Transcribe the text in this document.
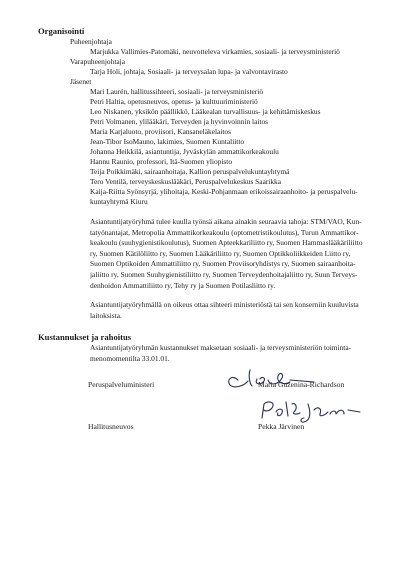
Organisointi
Puheenjohtaja
Marjukka Vallimies-Patomäki, neuvotteleva virkamies, sosiaali- ja terveysministeriö
Varapuheenjohtaja
Tarja Holi, johtaja, Sosiaali- ja terveysalan lupa- ja valvontavirasto
Jäsenet
Mari Laurén, hallitussihteeri, sosiaali- ja terveysministeriö
Petri Haltia, opetusneuvos, opetus- ja kulttuuriministeriö
Leo Niskanen, yksikön päällikkö, Lääkealan turvallisuus- ja kehittämiskeskus
Petri Volmanen, ylilääkäri, Terveyden ja hyvinvoinnin laitos
Maria Karjaluoto, proviisori, Kansaneläkelaitos
Jean-Tibor IsoMauno, lakimies, Suomen Kuntaliitto
Johanna Heikkilä, asiantuntija, Jyväskylän ammattikorkeakoulu
Hannu Raunio, professori, Itä-Suomen yliopisto
Teija Poikkimäki, sairaanhoitaja, Kallion peruspalvelukuntayhtymä
Tero Ventilä, terveyskeskuslääkäri, Peruspalvelukeskus Saarikka
Kaija-Riitta Syönsyrjä, ylihoitaja, Keski-Pohjanmaan erikoissairaanhoito- ja peruspalvelu-
kuntayhtymä Kiuru
Asiantuntijatyöryhmä tulee kuulla työnsä aikana ainakin seuraavia tahoja: STM/VAO, Kun-
tatyönantajat, Metropolia Ammattikorkeakoulu (optometristikoulutus), Turun Ammattikor-
keakoulu (suuhygienistikoulutus), Suomen Apteekkariliitto ry, Suomen Hammaslääkäriliitto
ry, Suomen Kätilöliitto ry, Suomen Lääkäriliitto ry, Suomen Optikkoliikkeiden Liitto ry,
Suomen Optikoiden Ammattiliitto ry, Suomen Proviisoryhdistys ry, Suomen sairaanhoita-
jaliitto ry, Suomen Suuhygienistiliitto ry, Suomen Terveydenhoitajaliitto ry, Suun Terveys-
denhoidon Ammattiliitto ry, Tehy ry ja Suomen Potilasliitto ry.
Asiantuntijatyöryhmällä on oikeus ottaa sihteeri ministeriöstä tai sen konserniin kuuluvista
laitoksista.
Kustannukset ja rahoitus
Asiantuntijatyöryhmän kustannukset maksetaan sosiaali- ja terveysministeriön toiminta-
menomomentilta 33.01.01.
Peruspalveluministeri	Maria Guzenina-Richardson
Hallitusneuvos	Pekka Järvinen
